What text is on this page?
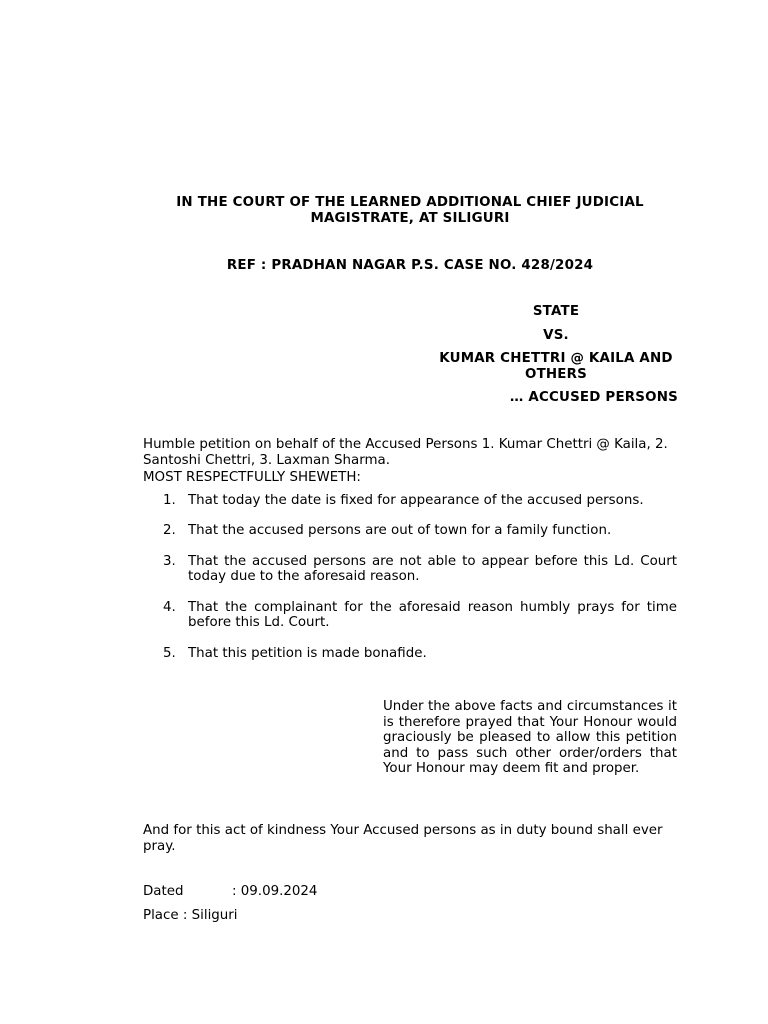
IN THE COURT OF THE LEARNED ADDITIONAL CHIEF JUDICIAL MAGISTRATE, AT SILIGURI
REF : PRADHAN NAGAR P.S. CASE NO. 428/2024
STATE
VS.
KUMAR CHETTRI @ KAILA AND OTHERS
… ACCUSED PERSONS

Humble petition on behalf of the Accused Persons 1. Kumar Chettri @ Kaila, 2. Santoshi Chettri, 3. Laxman Sharma.

MOST RESPECTFULLY SHEWETH:
1. That today the date is fixed for appearance of the accused persons.
2. That the accused persons are out of town for a family function.
3. That the accused persons are not able to appear before this Ld. Court today due to the aforesaid reason.
4. That the complainant for the aforesaid reason humbly prays for time before this Ld. Court.
5. That this petition is made bonafide.
Under the above facts and circumstances it is therefore prayed that Your Honour would graciously be pleased to allow this petition and to pass such other order/orders that Your Honour may deem fit and proper.
And for this act of kindness Your Accused persons as in duty bound shall ever pray.
Dated	: 09.09.2024
Place : Siliguri
